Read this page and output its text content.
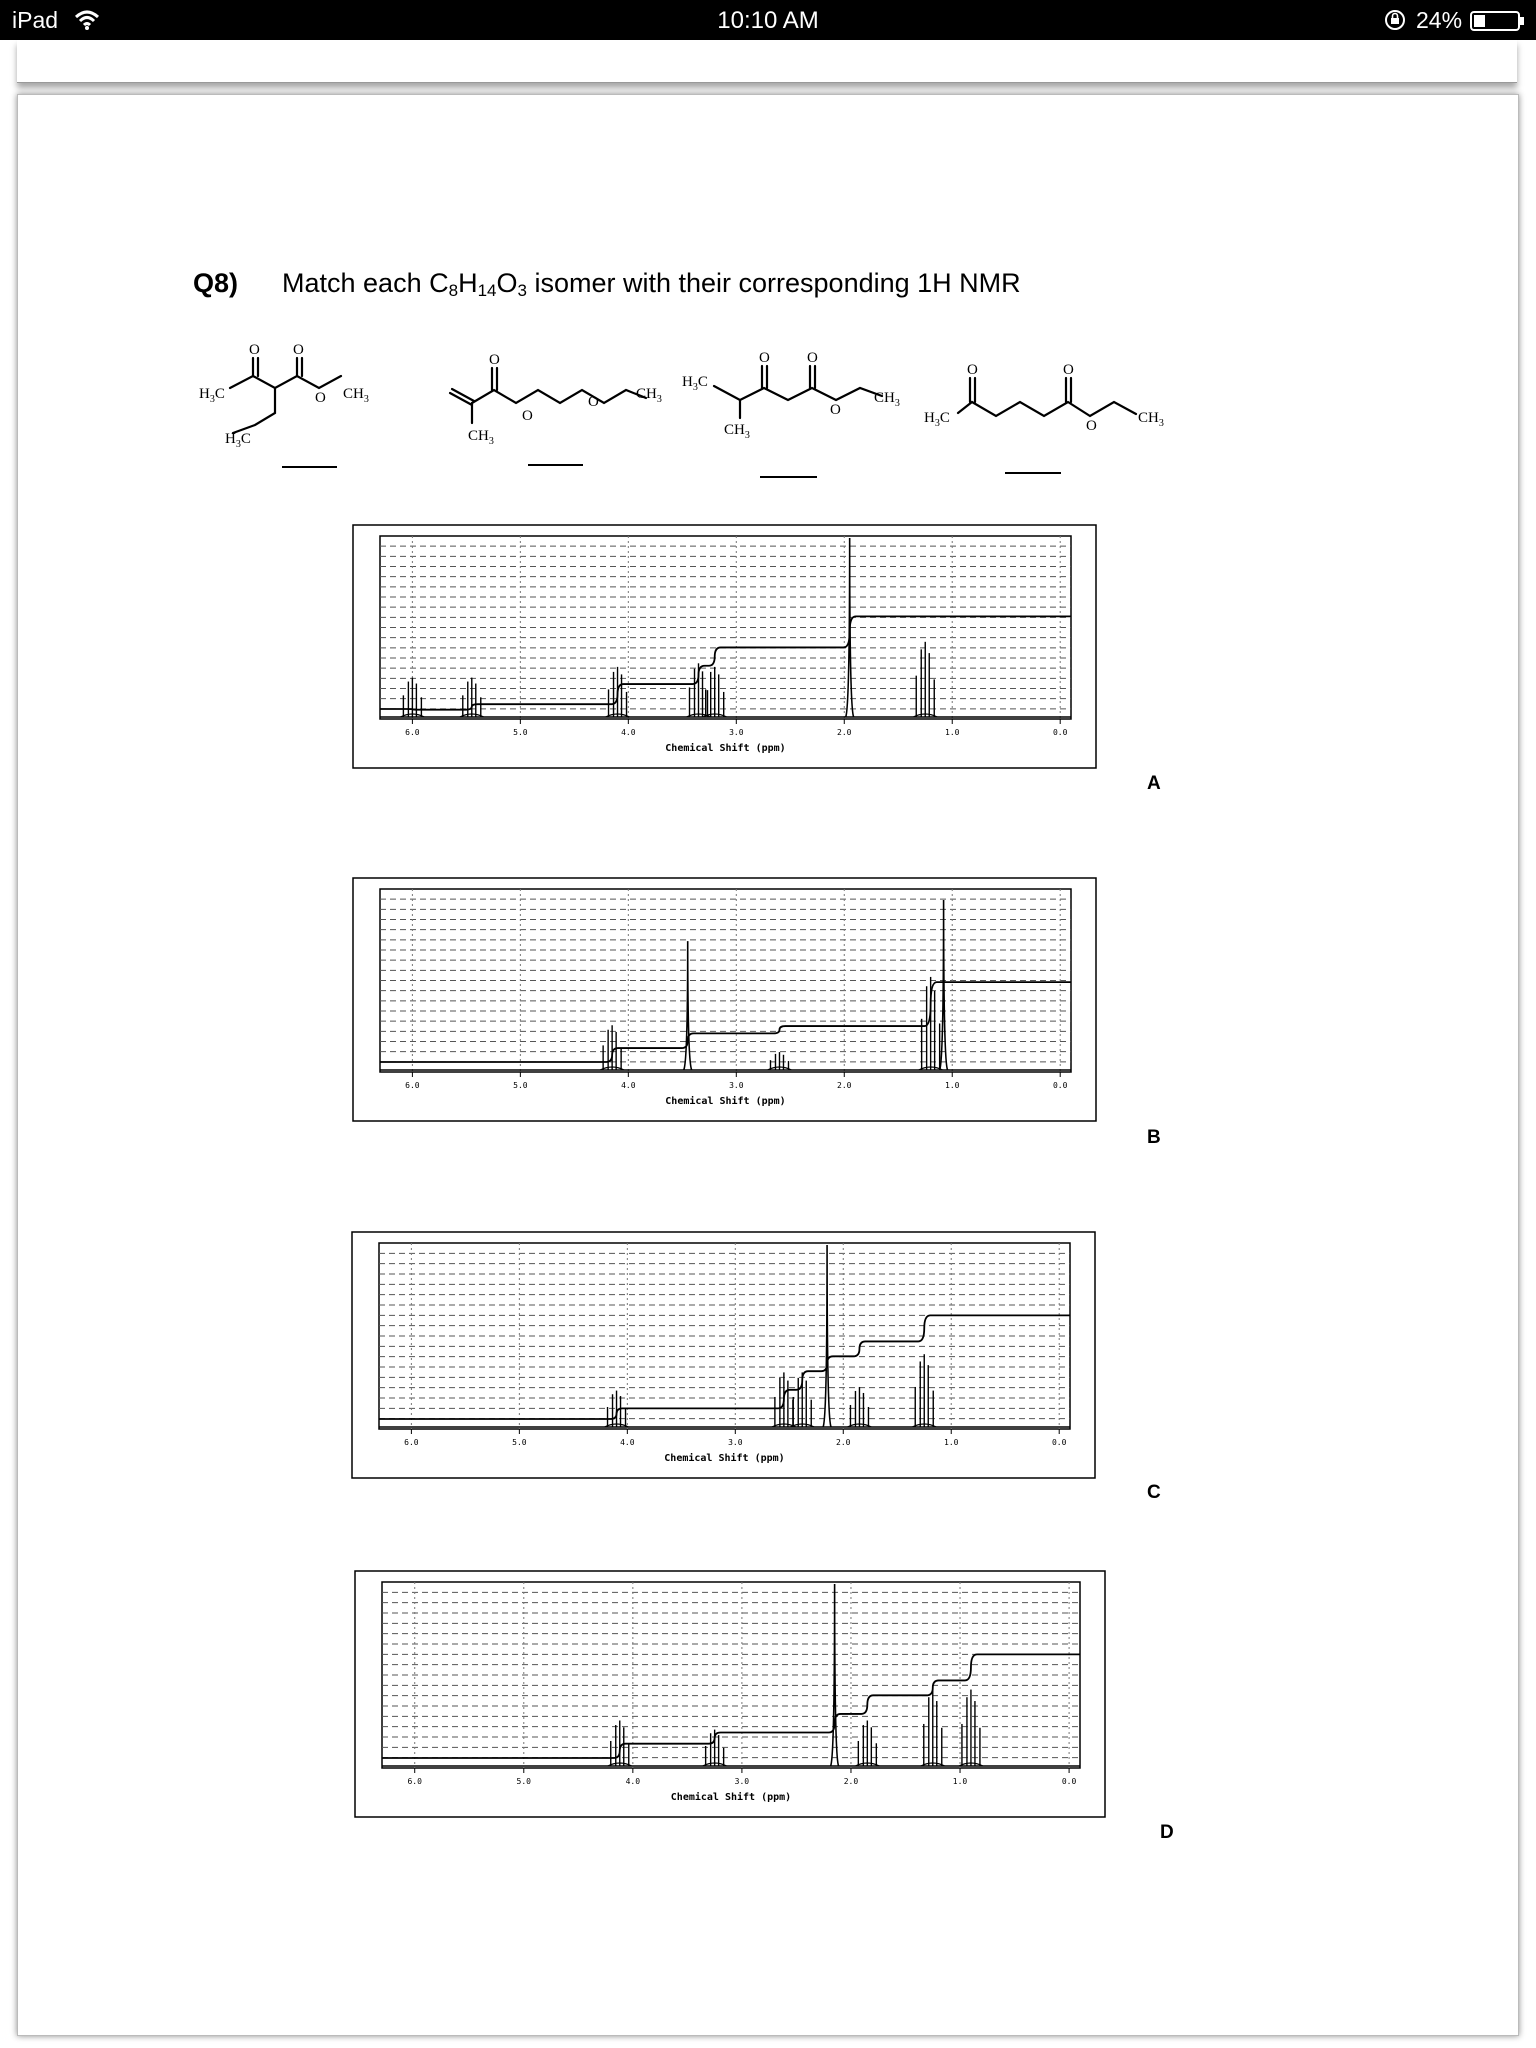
iPad	10:10 AM	24%
Q8) Match each $C_8H_{14}O_3$ isomer with their corresponding 1H NMR
O O
O
$H_3C$	$CH_3$
$H_3C$
O
O
O $CH_3$
$CH_3$
O O
O
$H_3C$
$CH_3$
$CH_3$
O	O
O
$H_3C$	$CH_3$
6.0	5.0	4.0	3.0	2.0	1.0	0.0
Chemical Shift (ppm)
6.0	5.0	4.0	3.0	2.0	1.0	0.0
Chemical Shift (ppm)
6.0	5.0	4.0	3.0	2.0	1.0	0.0
Chemical Shift (ppm)
6.0	5.0	4.0	3.0	2.0	1.0	0.0
Chemical Shift (ppm)
A
B
C
D
